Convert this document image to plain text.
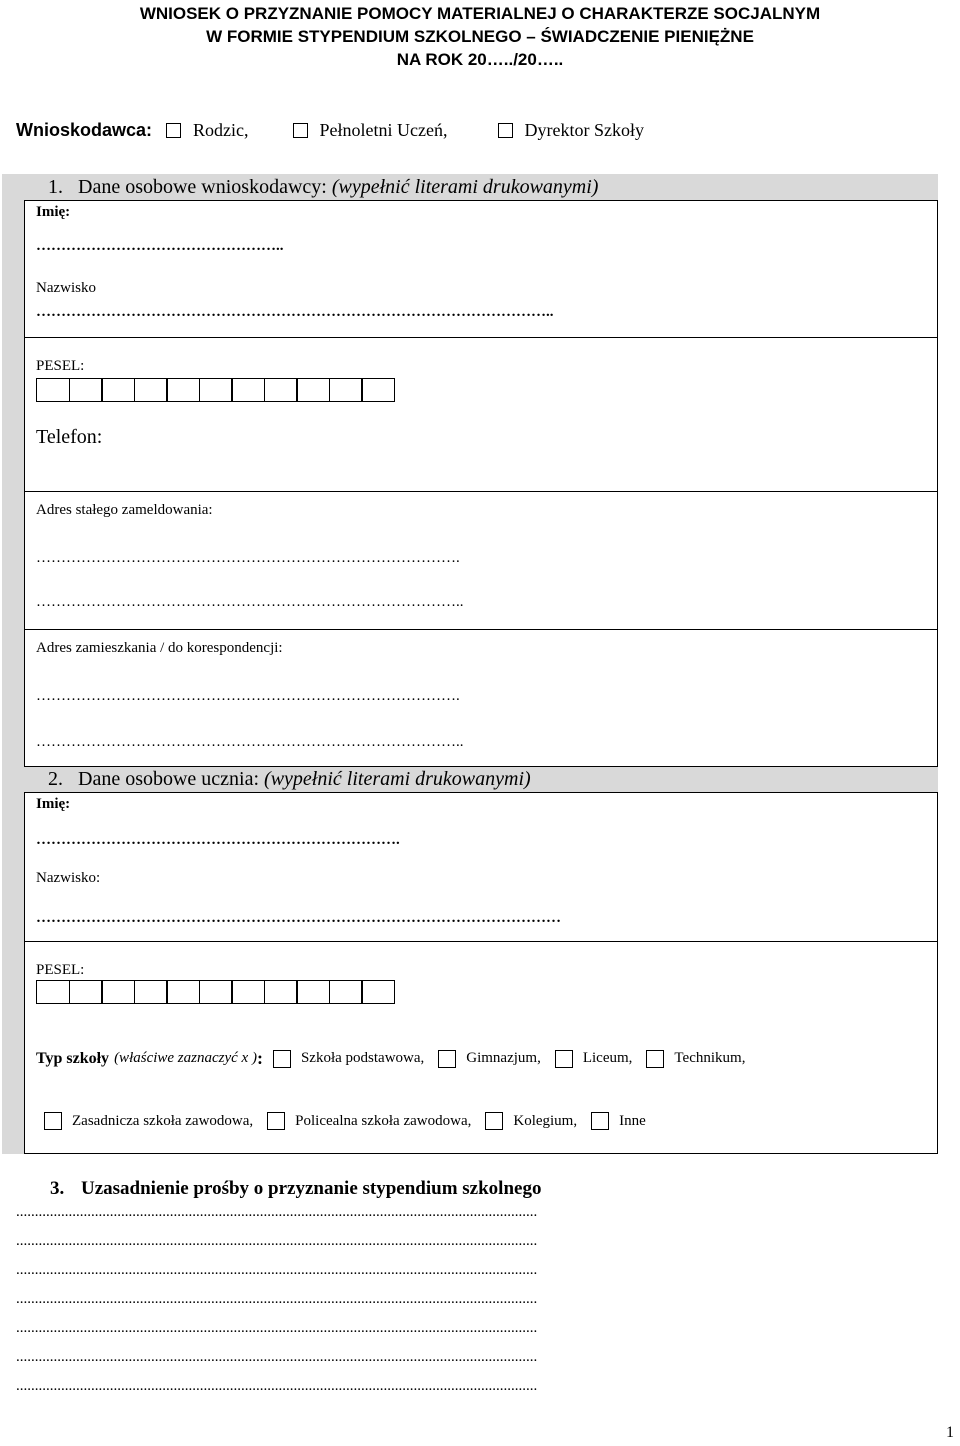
WNIOSEK O PRZYZNANIE POMOCY MATERIALNEJ O CHARAKTERZE SOCJALNYM
W FORMIE STYPENDIUM SZKOLNEGO – ŚWIADCZENIE PIENIĘŻNE
NA ROK 20…../20…..
Wnioskodawca: Rodzic,	Pełnoletni Uczeń,	Dyrektor Szkoły
1. Dane osobowe wnioskodawcy: (wypełnić literami drukowanymi)
Imię:
…………………………………………..
Nazwisko
…………………………………………………………………………………………..
PESEL:
Telefon:
Adres stałego zameldowania:
………………………………………………………………………….
…………………………………………………………………………..
Adres zamieszkania / do korespondencji:
………………………………………………………………………….
…………………………………………………………………………..
2. Dane osobowe ucznia: (wypełnić literami drukowanymi)
Imię:
……………………………………………………………….
Nazwisko:
……………………………………………………………………………………………
PESEL:
Typ szkoły (właściwe zaznaczyć x ) :	Szkoła podstawowa,	Gimnazjum,	Liceum,	Technikum,
Zasadnicza szkoła zawodowa,	Policealna szkoła zawodowa,	Kolegium,	Inne
3. Uzasadnienie prośby o przyznanie stypendium szkolnego
...........................................................................................................................................
...........................................................................................................................................
...........................................................................................................................................
...........................................................................................................................................
...........................................................................................................................................
...........................................................................................................................................
...........................................................................................................................................
1
